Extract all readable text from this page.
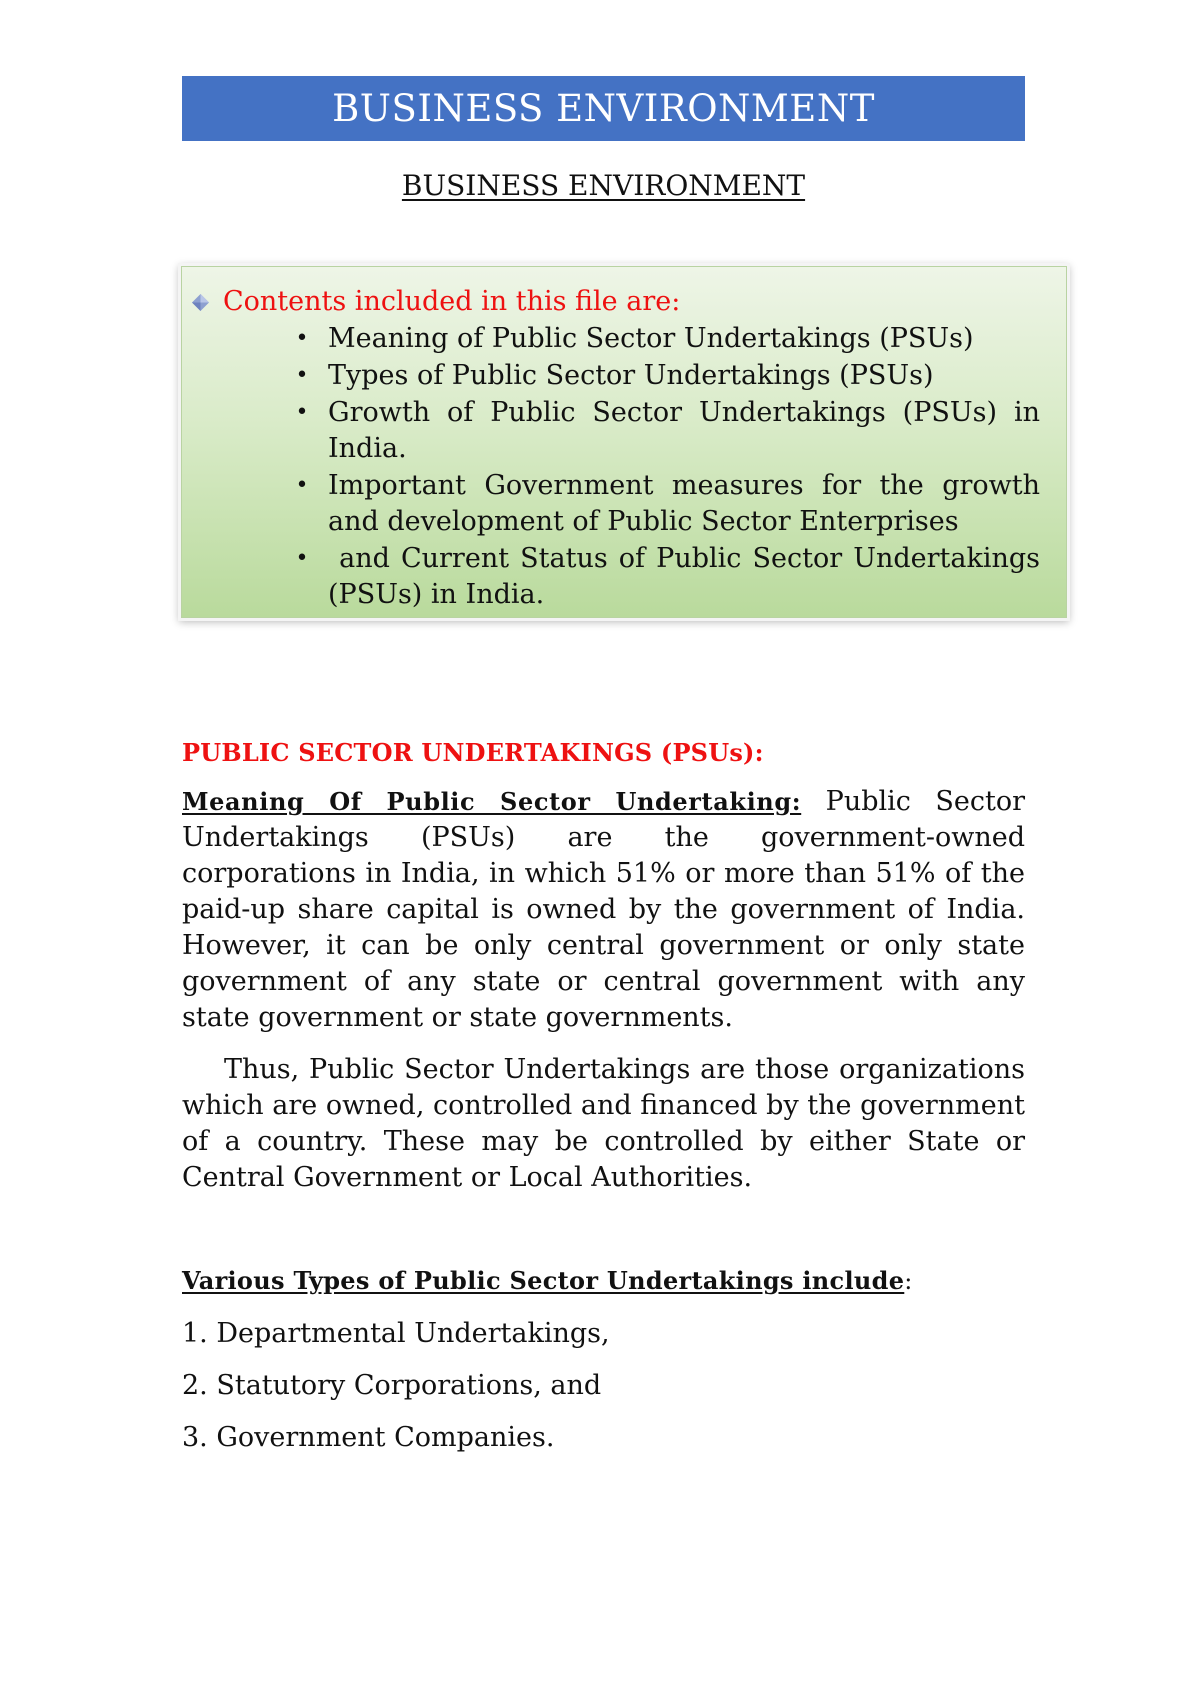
BUSINESS ENVIRONMENT
BUSINESS ENVIRONMENT
Contents included in this file are:
• Meaning of Public Sector Undertakings (PSUs)
• Types of Public Sector Undertakings (PSUs)
• Growth of Public Sector Undertakings (PSUs) in India.
• Important Government measures for the growth and development of Public Sector Enterprises
• and Current Status of Public Sector Undertakings (PSUs) in India.
PUBLIC SECTOR UNDERTAKINGS (PSUs):
Meaning Of Public Sector Undertaking: Public Sector Undertakings (PSUs) are the government-owned corporations in India, in which 51% or more than 51% of the paid-up share capital is owned by the government of India. However, it can be only central government or only state government of any state or central government with any state government or state governments.
Thus, Public Sector Undertakings are those organizations which are owned, controlled and financed by the government of a country. These may be controlled by either State or Central Government or Local Authorities.
Various Types of Public Sector Undertakings include:
1. Departmental Undertakings,
2. Statutory Corporations, and
3. Government Companies.
